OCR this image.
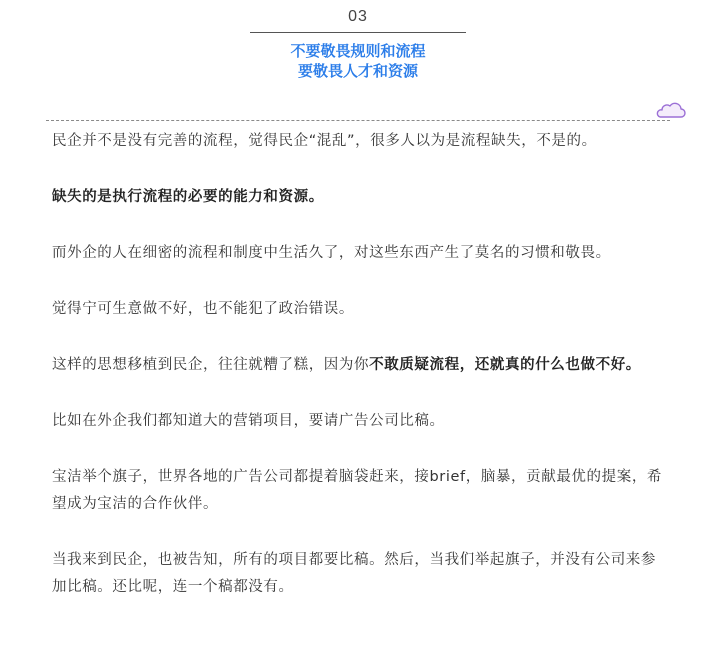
03
不要敬畏规则和流程
要敬畏人才和资源

民企并不是没有完善的流程，觉得民企“混乱”，很多人以为是流程缺失，不是的。

缺失的是执行流程的必要的能力和资源。

而外企的人在细密的流程和制度中生活久了，对这些东西产生了莫名的习惯和敬畏。

觉得宁可生意做不好，也不能犯了政治错误。

这样的思想移植到民企，往往就糟了糕，因为你不敢质疑流程，还就真的什么也做不好。

比如在外企我们都知道大的营销项目，要请广告公司比稿。

宝洁举个旗子，世界各地的广告公司都提着脑袋赶来，接brief，脑暴，贡献最优的提案，希望成为宝洁的合作伙伴。

当我来到民企，也被告知，所有的项目都要比稿。然后，当我们举起旗子，并没有公司来参加比稿。还比呢，连一个稿都没有。
